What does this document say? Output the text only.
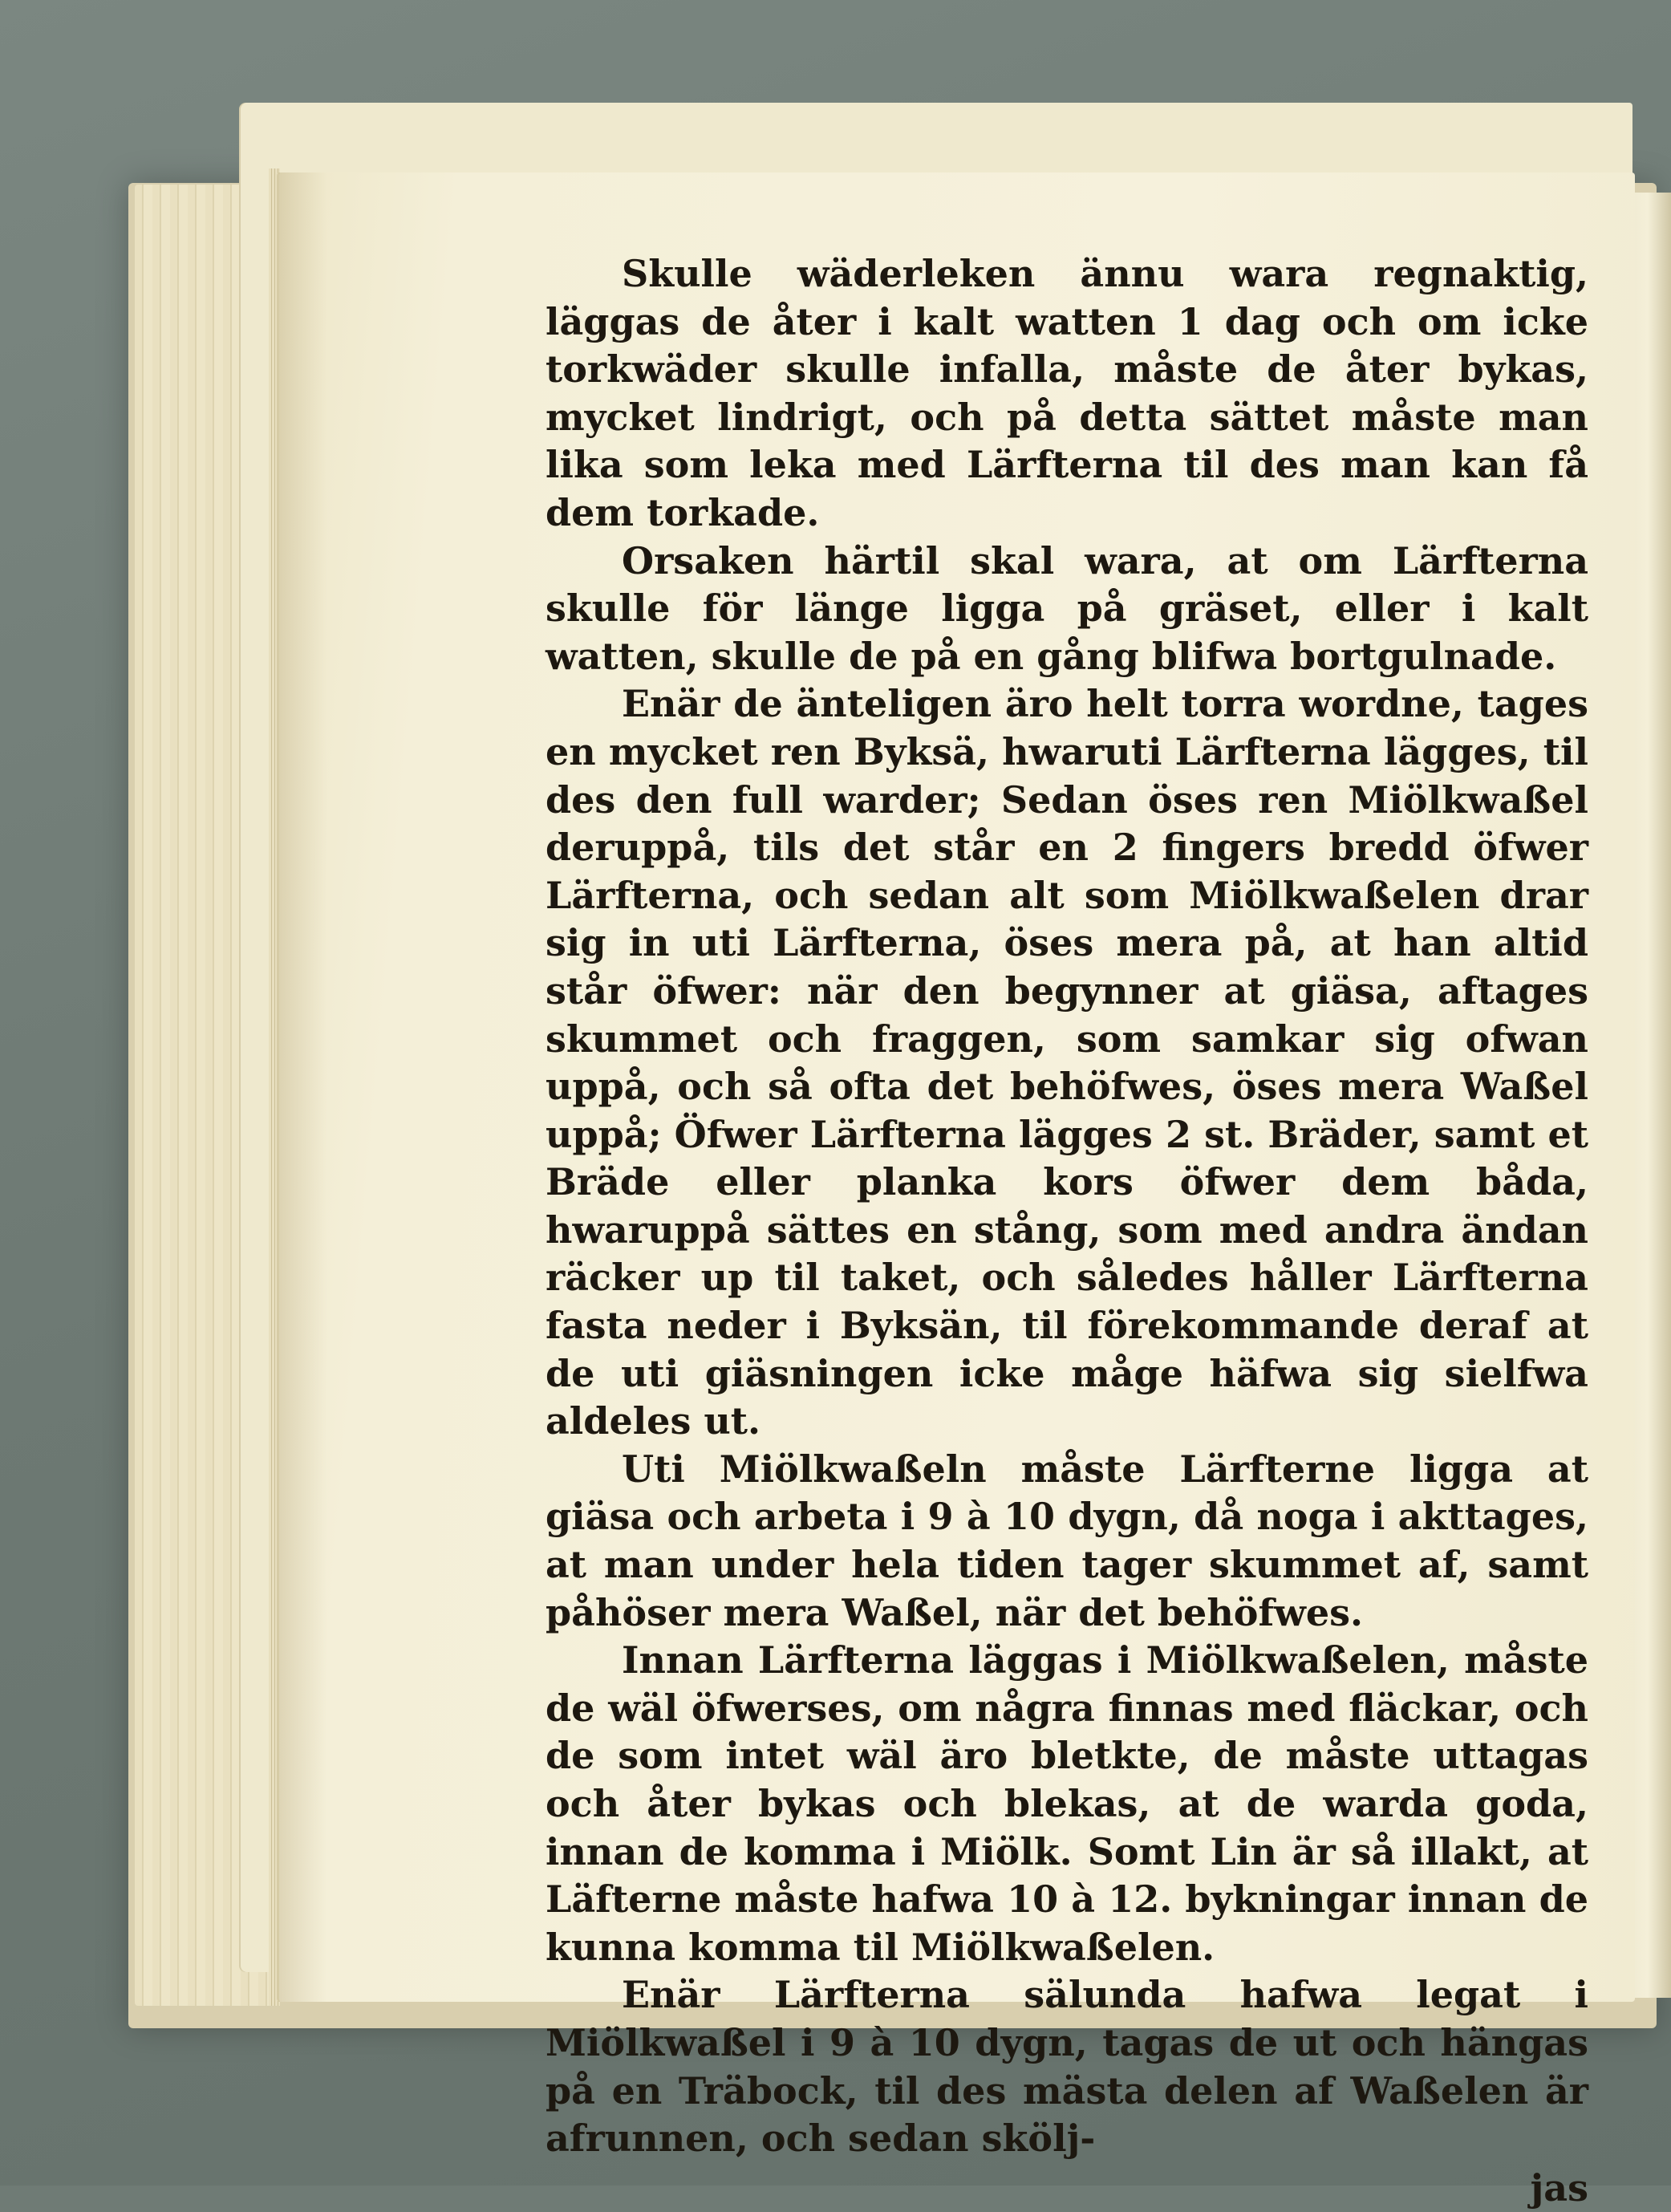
Skulle wäderleken ännu wara regnaktig, läggas de åter i kalt watten 1 dag och om icke torkwäder skulle infalla, måste de åter bykas, mycket lindrigt, och på detta sättet måste man lika som leka med Lärfterna til des man kan få dem torkade.

Orsaken härtil skal wara, at om Lärfterna skulle för länge ligga på gräset, eller i kalt watten, skulle de på en gång blifwa bortgulnade.

Enär de änteligen äro helt torra wordne, tages en mycket ren Byksä, hwaruti Lärfterna lägges, til des den full warder; Sedan öses ren Miölkwaßel deruppå, tils det står en 2 fingers bredd öfwer Lärfterna, och sedan alt som Miölkwaßelen drar sig in uti Lärfterna, öses mera på, at han altid står öfwer: när den begynner at giäsa, aftages skummet och fraggen, som samkar sig ofwan uppå, och så ofta det behöfwes, öses mera Waßel uppå; Öfwer Lärfterna lägges 2 st. Bräder, samt et Bräde eller planka kors öfwer dem båda, hwaruppå sättes en stång, som med andra ändan räcker up til taket, och således håller Lärfterna fasta neder i Byksän, til förekommande deraf at de uti giäsningen icke måge häfwa sig sielfwa aldeles ut.

Uti Miölkwaßeln måste Lärfterne ligga at giäsa och arbeta i 9 à 10 dygn, då noga i akttages, at man under hela tiden tager skummet af, samt påhöser mera Waßel, när det behöfwes.

Innan Lärfterna läggas i Miölkwaßelen, måste de wäl öfwerses, om några finnas med fläckar, och de som intet wäl äro bletkte, de måste uttagas och åter bykas och blekas, at de warda goda, innan de komma i Miölk. Somt Lin är så illakt, at Läfterne måste hafwa 10 à 12. bykningar innan de kunna komma til Miölkwaßelen.

Enär Lärfterna sälunda hafwa legat i Miölkwaßel i 9 à 10 dygn, tagas de ut och hängas på en Träbock, til des mästa delen af Waßelen är afrunnen, och sedan skölj-

jas
